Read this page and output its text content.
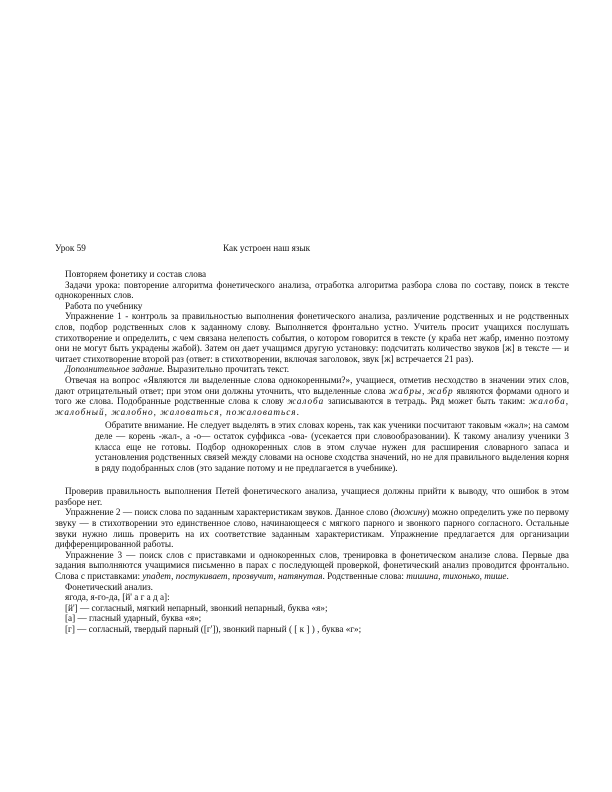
Урок 59	Как устроен наш язык

Повторяем фонетику и состав слова

Задачи урока: повторение алгоритма фонетического анализа, отработка алгоритма разбора слова по составу, поиск в тексте однокоренных слов.

Работа по учебнику

Упражнение 1 - контроль за правильностью выполнения фонетического анализа, различение родственных и не родственных слов, подбор родственных слов к заданному слову. Выполняется фронтально устно. Учитель просит учащихся послушать стихотворение и определить, с чем связана нелепость события, о котором говорится в тексте (у краба нет жабр, именно поэтому они не могут быть украдены жабой). Затем он дает учащимся другую установку: подсчитать количество звуков [ж] в тексте — и читает стихотворение второй раз (ответ: в стихотворении, включая заголовок, звук [ж] встречается 21 раз).

Дополнительное задание. Выразительно прочитать текст.

Отвечая на вопрос «Являются ли выделенные слова однокоренными?», учащиеся, отметив несходство в значении этих слов, дают отрицательный ответ; при этом они должны уточнить, что выделенные слова жабры, жабр являются формами одного и того же слова. Подобранные родственные слова к слову жалоба записываются в тетрадь. Ряд может быть таким: жалоба, жалобный, жалобно, жаловаться, пожаловаться.

Обратите внимание. Не следует выделять в этих словах корень, так как ученики посчитают таковым «жал»; на самом деле — корень -жал-, а -о— остаток суффикса -ова- (усекается при словообразовании). К такому анализу ученики 3 класса еще не готовы. Подбор однокоренных слов в этом случае нужен для расширения словарного запаса и установления родственных связей между словами на основе сходства значений, но не для правильного выделения корня в ряду подобранных слов (это задание потому и не предлагается в учебнике).

Проверив правильность выполнения Петей фонетического анализа, учащиеся должны прийти к выводу, что ошибок в этом разборе нет.

Упражнение 2 — поиск слова по заданным характеристикам звуков. Данное слово (дюжину) можно определить уже по первому звуку — в стихотворении это единственное слово, начинающееся с мягкого парного и звонкого парного согласного. Остальные звуки нужно лишь проверить на их соответствие заданным характеристикам. Упражнение предлагается для организации дифференцированной работы.

Упражнение 3 — поиск слов с приставками и однокоренных слов, тренировка в фонетическом анализе слова. Первые два задания выполняются учащимися письменно в парах с последующей проверкой, фонетический анализ проводится фронтально. Слова с приставками: упадет, постукивает, прозвучит, натянутая. Родственные слова: тишина, тихонько, тише.

Фонетический анализ.

ягода, я-го-да, [й' а г а д а]:

[й'] — согласный, мягкий непарный, звонкий непарный, буква «я»;

[а] — гласный ударный, буква «я»;

[г] — согласный, твердый парный ([г']), звонкий парный ( [ к ] ) , буква «г»;
